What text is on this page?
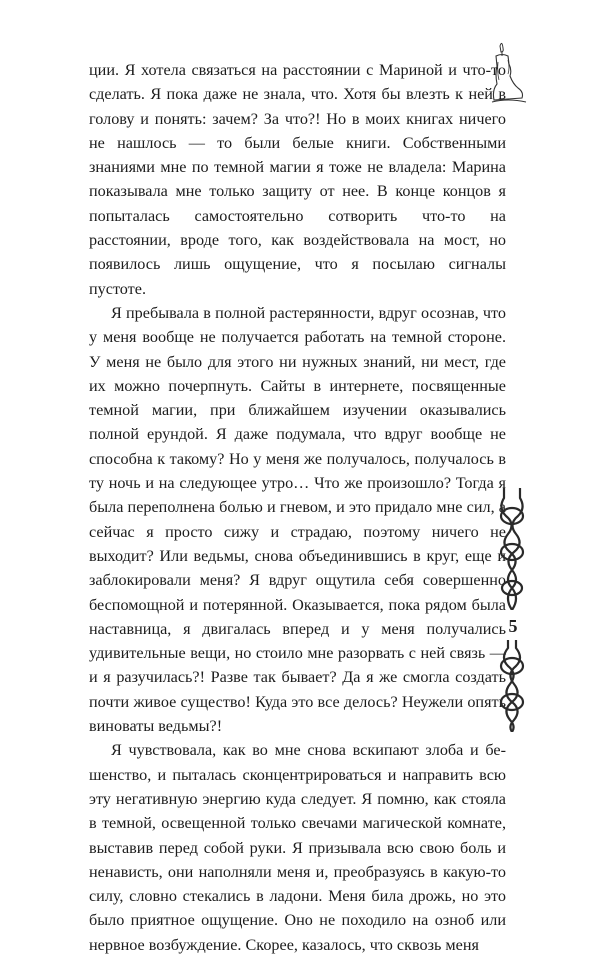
ции. Я хотела связаться на расстоянии с Мариной и что-то сделать. Я пока даже не знала, что. Хотя бы влезть к ней в голову и понять: зачем? За что?! Но в моих книгах ничего не нашлось — то были белые книги. Собственными знаниями мне по темной магии я тоже не владела: Марина показывала мне только защиту от нее. В конце концов я попыталась самостоятельно сотворить что-то на расстоянии, вроде того, как воздействовала на мост, но появилось лишь ощущение, что я посылаю сигналы пустоте.

Я пребывала в полной растерянности, вдруг осознав, что у меня вообще не получается работать на темной стороне. У меня не было для этого ни нужных знаний, ни мест, где их можно почерпнуть. Сайты в интернете, посвященные темной магии, при ближайшем изучении оказывались полной ерундой. Я даже подумала, что вдруг вообще не способна к такому? Но у меня же получалось, получалось в ту ночь и на следующее утро… Что же произошло? Тогда я была переполнена болью и гневом, и это придало мне сил, а сейчас я просто сижу и страдаю, поэтому ничего не выходит? Или ведьмы, снова объединившись в круг, еще и заблокировали меня? Я вдруг ощутила себя совершенно беспомощной и потерянной. Оказывается, пока рядом была наставница, я двигалась вперед и у меня получались удивительные вещи, но стоило мне разорвать с ней связь — и я разучилась?! Разве так бывает? Да я же смогла создать почти живое существо! Куда это все делось? Неужели опять виноваты ведьмы?!

Я чувствовала, как во мне снова вскипают злоба и бешенство, и пыталась сконцентрироваться и направить всю эту негативную энергию куда следует. Я помню, как стояла в темной, освещенной только свечами магической комнате, выставив перед собой руки. Я призывала всю свою боль и ненависть, они наполняли меня и, преобразуясь в какую-то силу, словно стекались в ладони. Меня била дрожь, но это было приятное ощущение. Оно не походило на озноб или нервное возбуждение. Скорее, казалось, что сквозь меня

5
